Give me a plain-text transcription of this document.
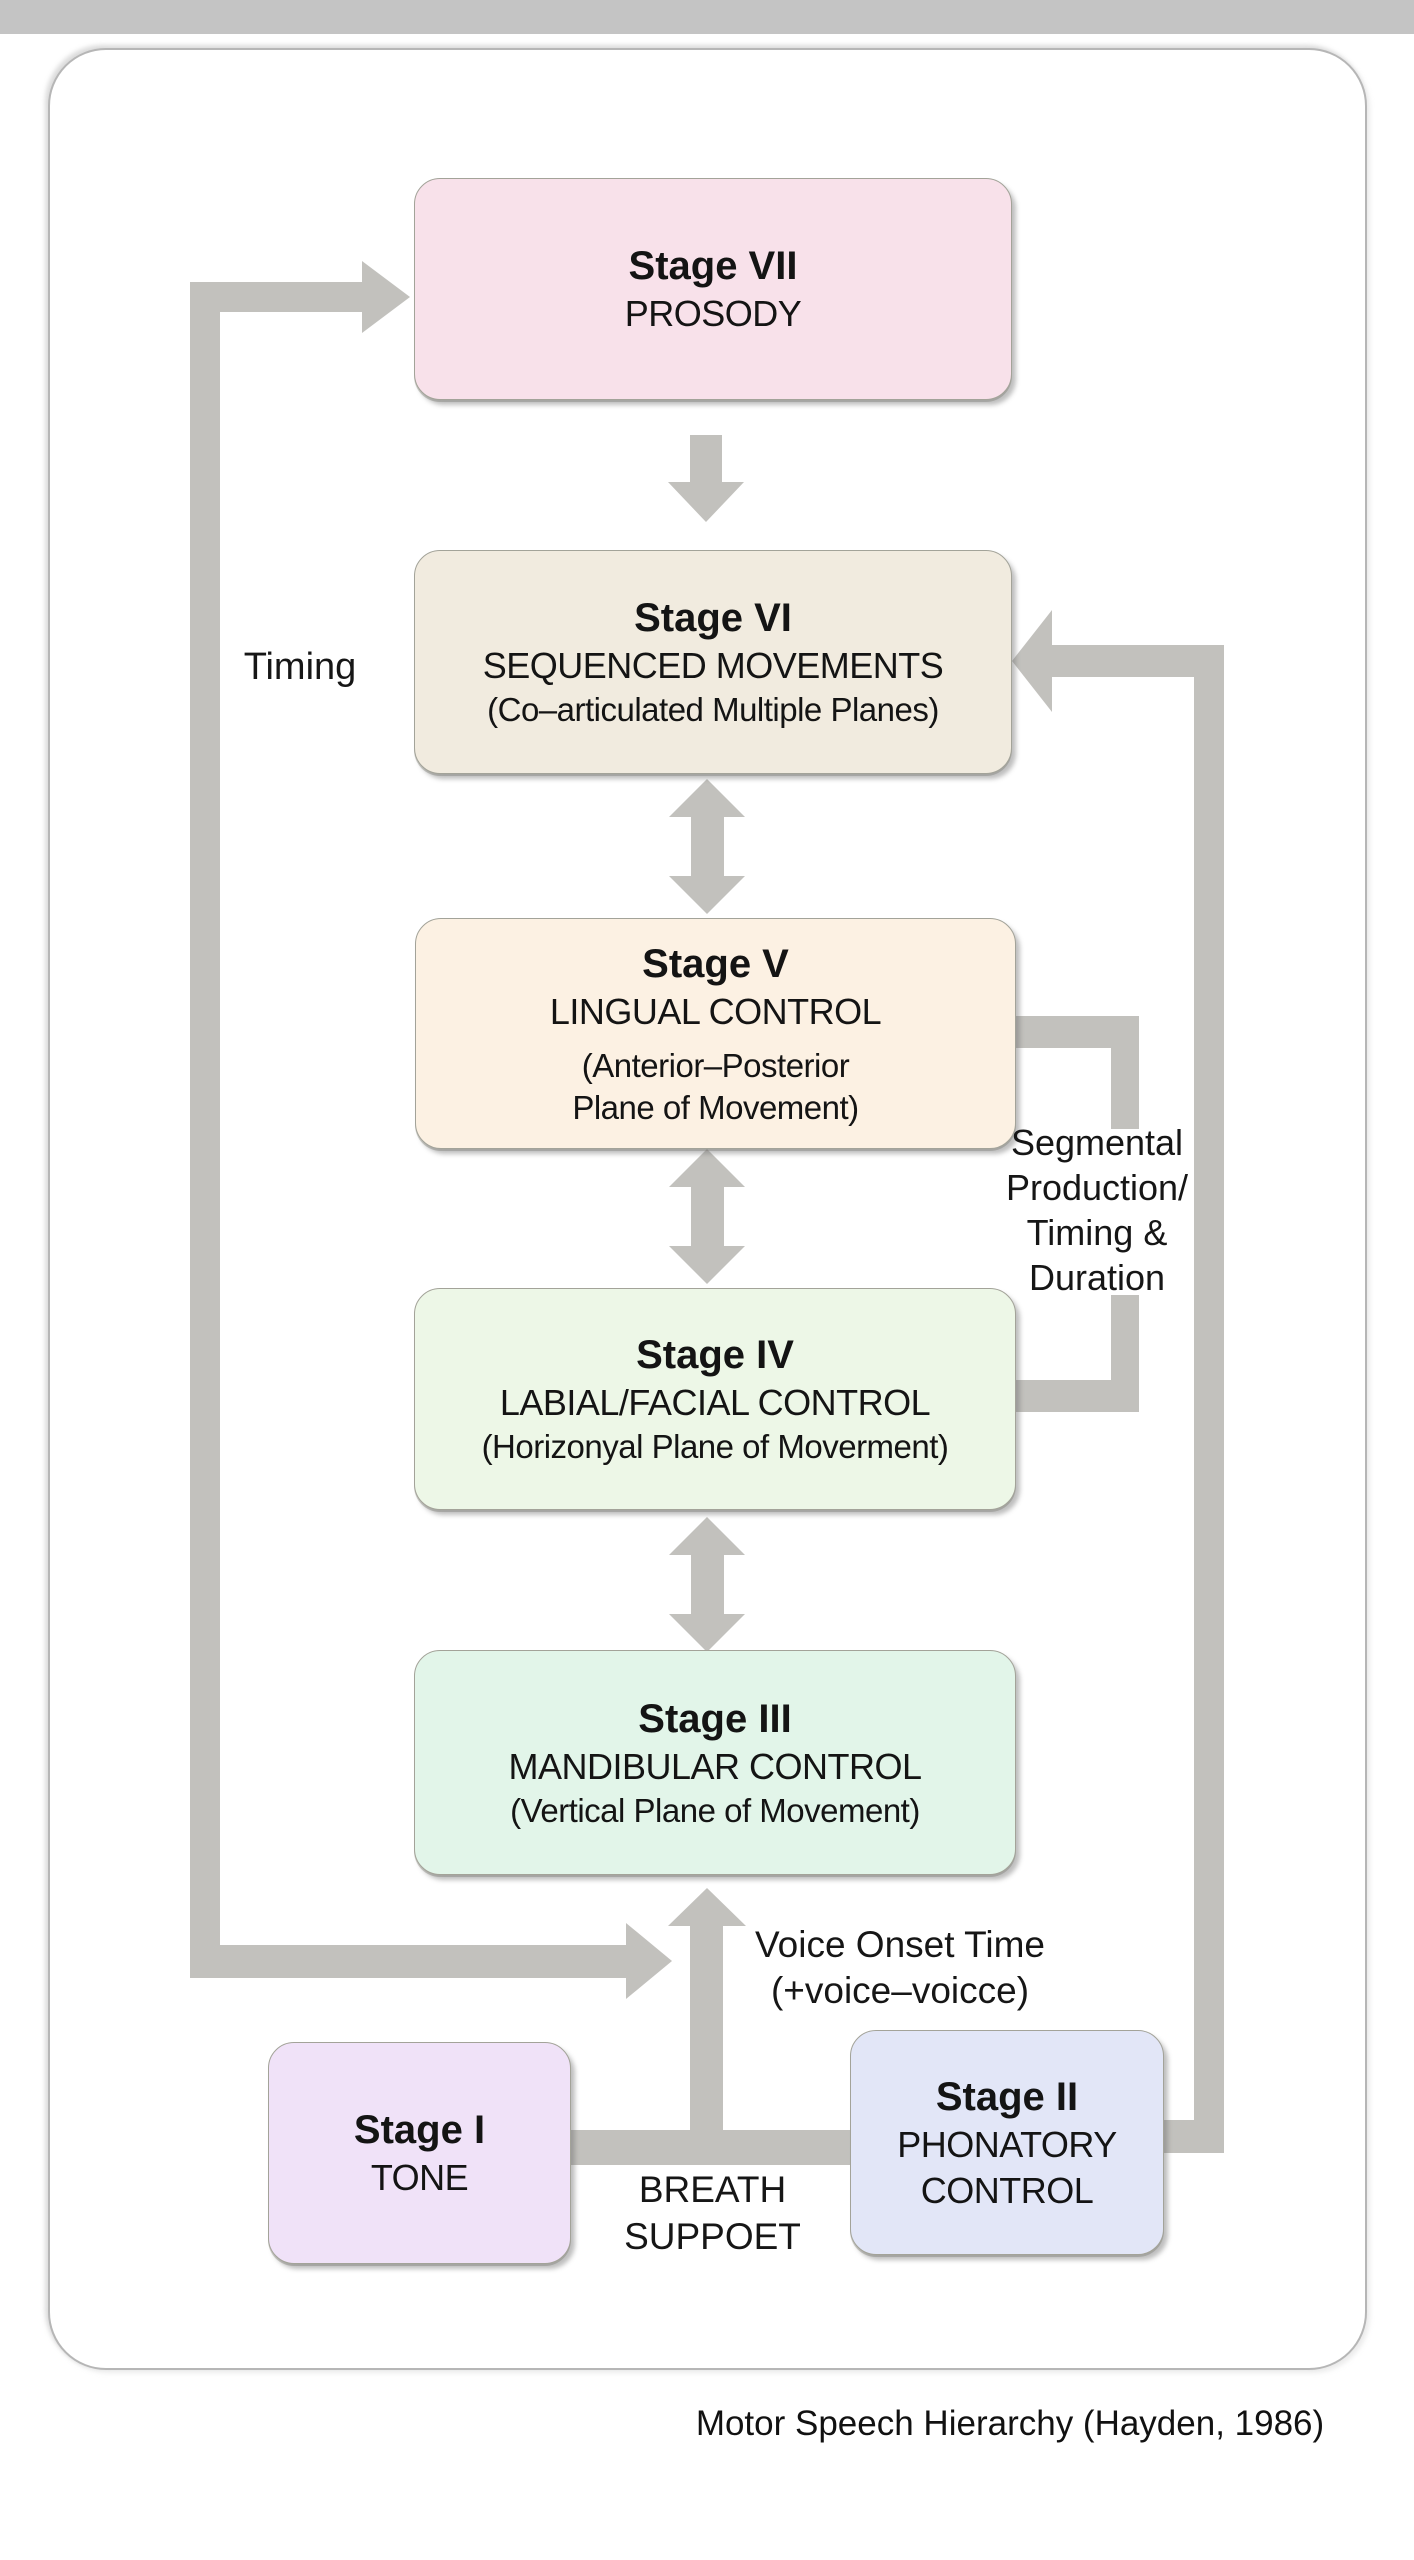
Stage VII
PROSODY
Stage VI
SEQUENCED MOVEMENTS
(Co–articulated Multiple Planes)
Stage V
LINGUAL CONTROL
(Anterior–Posterior
Plane of Movement)
Stage IV
LABIAL/FACIAL CONTROL
(Horizonyal Plane of Moverment)
Stage III
MANDIBULAR CONTROL
(Vertical Plane of Movement)
Stage I
TONE
Stage II
PHONATORY
CONTROL
Timing
Segmental
Production/
Timing &
Duration
Voice Onset Time
(+voice–voicce)
BREATH
SUPPOET
Motor Speech Hierarchy (Hayden, 1986)
